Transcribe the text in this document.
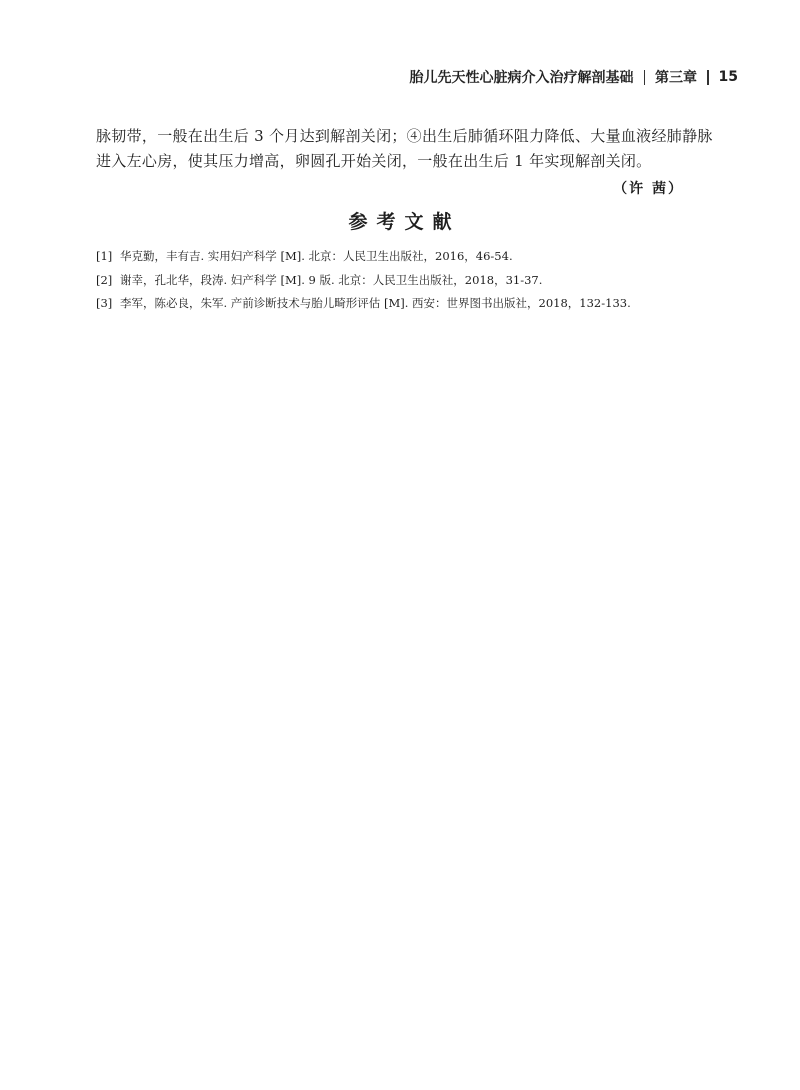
胎儿先天性心脏病介入治疗解剖基础 第三章 15

脉韧带，一般在出生后 3 个月达到解剖关闭；④出生后肺循环阻力降低、大量血液经肺静脉

进入左心房，使其压力增高，卵圆孔开始关闭，一般在出生后 1 年实现解剖关闭。

（许 茜）
参考文献
[1] 华克勤，丰有吉. 实用妇产科学 [M]. 北京：人民卫生出版社，2016，46-54.
[2] 谢幸，孔北华，段涛. 妇产科学 [M]. 9 版. 北京：人民卫生出版社，2018，31-37.
[3] 李军，陈必良，朱军. 产前诊断技术与胎儿畸形评估 [M]. 西安：世界图书出版社，2018，132-133.
